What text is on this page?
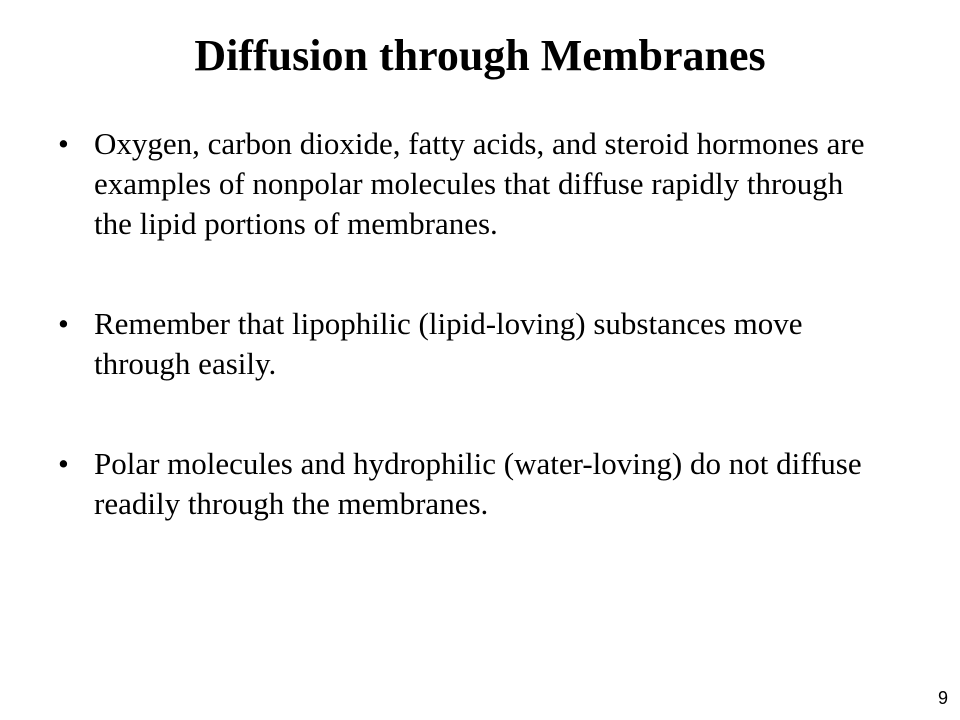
Diffusion through Membranes
• Oxygen, carbon dioxide, fatty acids, and steroid hormones are examples of nonpolar molecules that diffuse rapidly through the lipid portions of membranes.
• Remember that lipophilic (lipid-loving) substances move through easily.
• Polar molecules and hydrophilic (water-loving) do not diffuse readily through the membranes.
9
